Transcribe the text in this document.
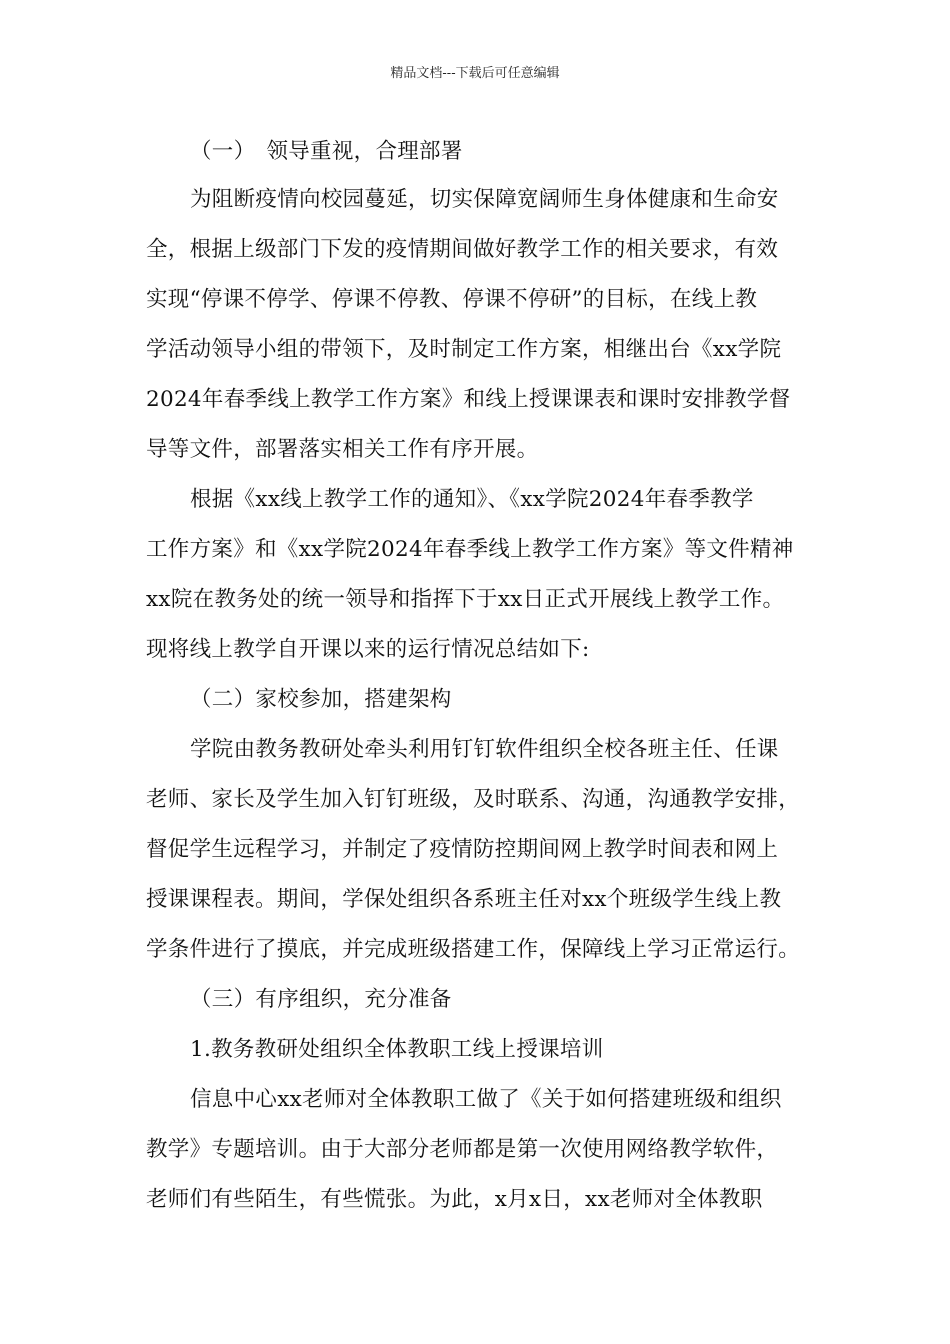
精品文档---下载后可任意编辑

（一）　领导重视，合理部署

为阻断疫情向校园蔓延，切实保障宽阔师生身体健康和生命安

全，根据上级部门下发的疫情期间做好教学工作的相关要求，有效

实现“停课不停学、停课不停教、停课不停研”的目标，在线上教

学活动领导小组的带领下，及时制定工作方案，相继出台《xx学院

2024年春季线上教学工作方案》和线上授课课表和课时安排教学督

导等文件，部署落实相关工作有序开展。

根据《xx线上教学工作的通知》、《xx学院2024年春季教学

工作方案》和《xx学院2024年春季线上教学工作方案》等文件精神

xx院在教务处的统一领导和指挥下于xx日正式开展线上教学工作。

现将线上教学自开课以来的运行情况总结如下:

（二）家校参加，搭建架构

学院由教务教研处牵头利用钉钉软件组织全校各班主任、任课

老师、家长及学生加入钉钉班级，及时联系、沟通，沟通教学安排，

督促学生远程学习，并制定了疫情防控期间网上教学时间表和网上

授课课程表。期间，学保处组织各系班主任对xx个班级学生线上教

学条件进行了摸底，并完成班级搭建工作，保障线上学习正常运行。

（三）有序组织，充分准备

1.教务教研处组织全体教职工线上授课培训

信息中心xx老师对全体教职工做了《关于如何搭建班级和组织

教学》专题培训。由于大部分老师都是第一次使用网络教学软件，

老师们有些陌生，有些慌张。为此，x月x日，xx老师对全体教职
